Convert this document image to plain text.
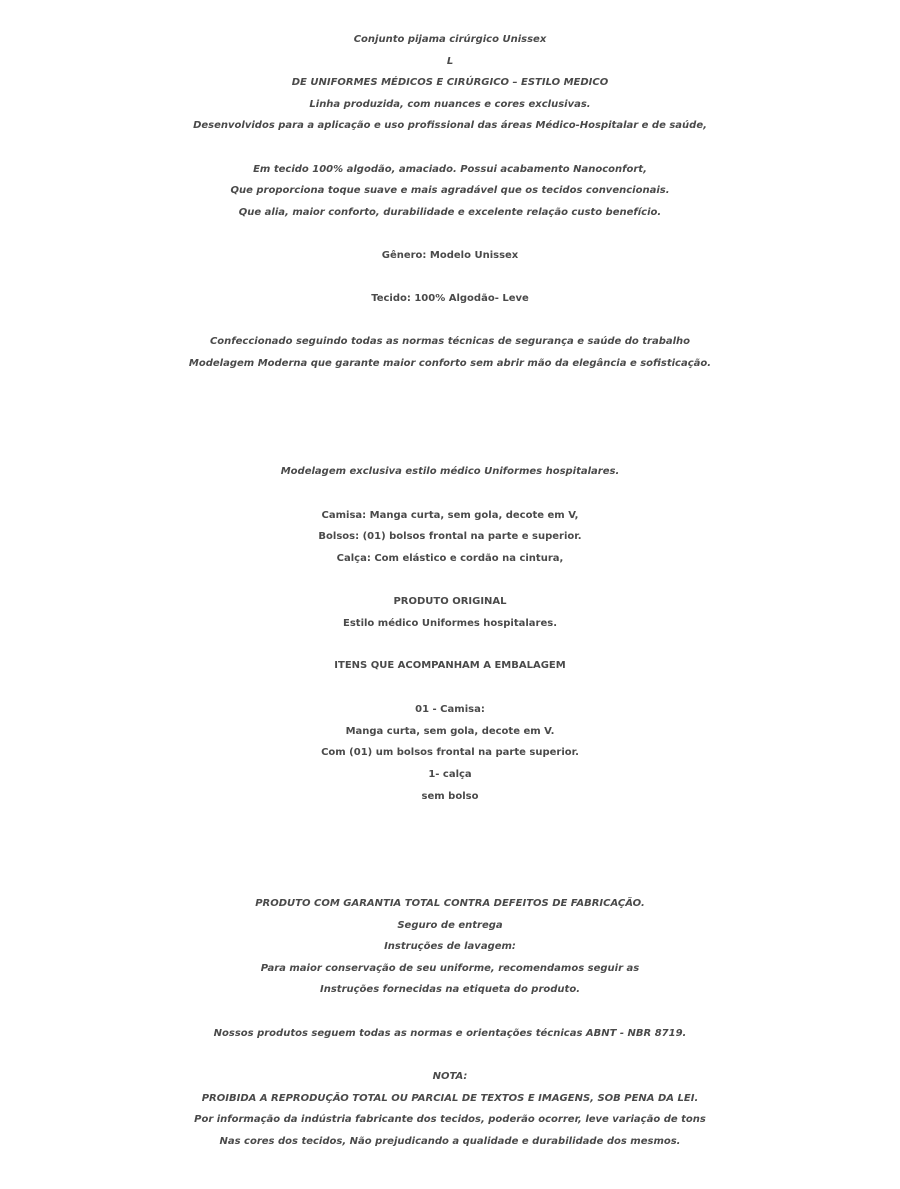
Conjunto pijama cirúrgico Unissex
L
DE UNIFORMES MÉDICOS E CIRÚRGICO – ESTILO MEDICO
Linha produzida, com nuances e cores exclusivas.
Desenvolvidos para a aplicação e uso profissional das áreas Médico-Hospitalar e de saúde,
Em tecido 100% algodão, amaciado. Possui acabamento Nanoconfort,
Que proporciona toque suave e mais agradável que os tecidos convencionais.
Que alia, maior conforto, durabilidade e excelente relação custo benefício.
Gênero: Modelo Unissex
Tecido: 100% Algodão- Leve
Confeccionado seguindo todas as normas técnicas de segurança e saúde do trabalho
Modelagem Moderna que garante maior conforto sem abrir mão da elegância e sofisticação.
Modelagem exclusiva estilo médico Uniformes hospitalares.
Camisa: Manga curta, sem gola, decote em V,
Bolsos: (01) bolsos frontal na parte e superior.
Calça: Com elástico e cordão na cintura,
PRODUTO ORIGINAL
Estilo médico Uniformes hospitalares.
ITENS QUE ACOMPANHAM A EMBALAGEM
01 - Camisa:
Manga curta, sem gola, decote em V.
Com (01) um bolsos frontal na parte superior.
1- calça
sem bolso
PRODUTO COM GARANTIA TOTAL CONTRA DEFEITOS DE FABRICAÇÃO.
Seguro de entrega
Instruções de lavagem:
Para maior conservação de seu uniforme, recomendamos seguir as
Instruções fornecidas na etiqueta do produto.
Nossos produtos seguem todas as normas e orientações técnicas ABNT - NBR 8719.
NOTA:
PROIBIDA A REPRODUÇÃO TOTAL OU PARCIAL DE TEXTOS E IMAGENS, SOB PENA DA LEI.
Por informação da indústria fabricante dos tecidos, poderão ocorrer, leve variação de tons
Nas cores dos tecidos, Não prejudicando a qualidade e durabilidade dos mesmos.
